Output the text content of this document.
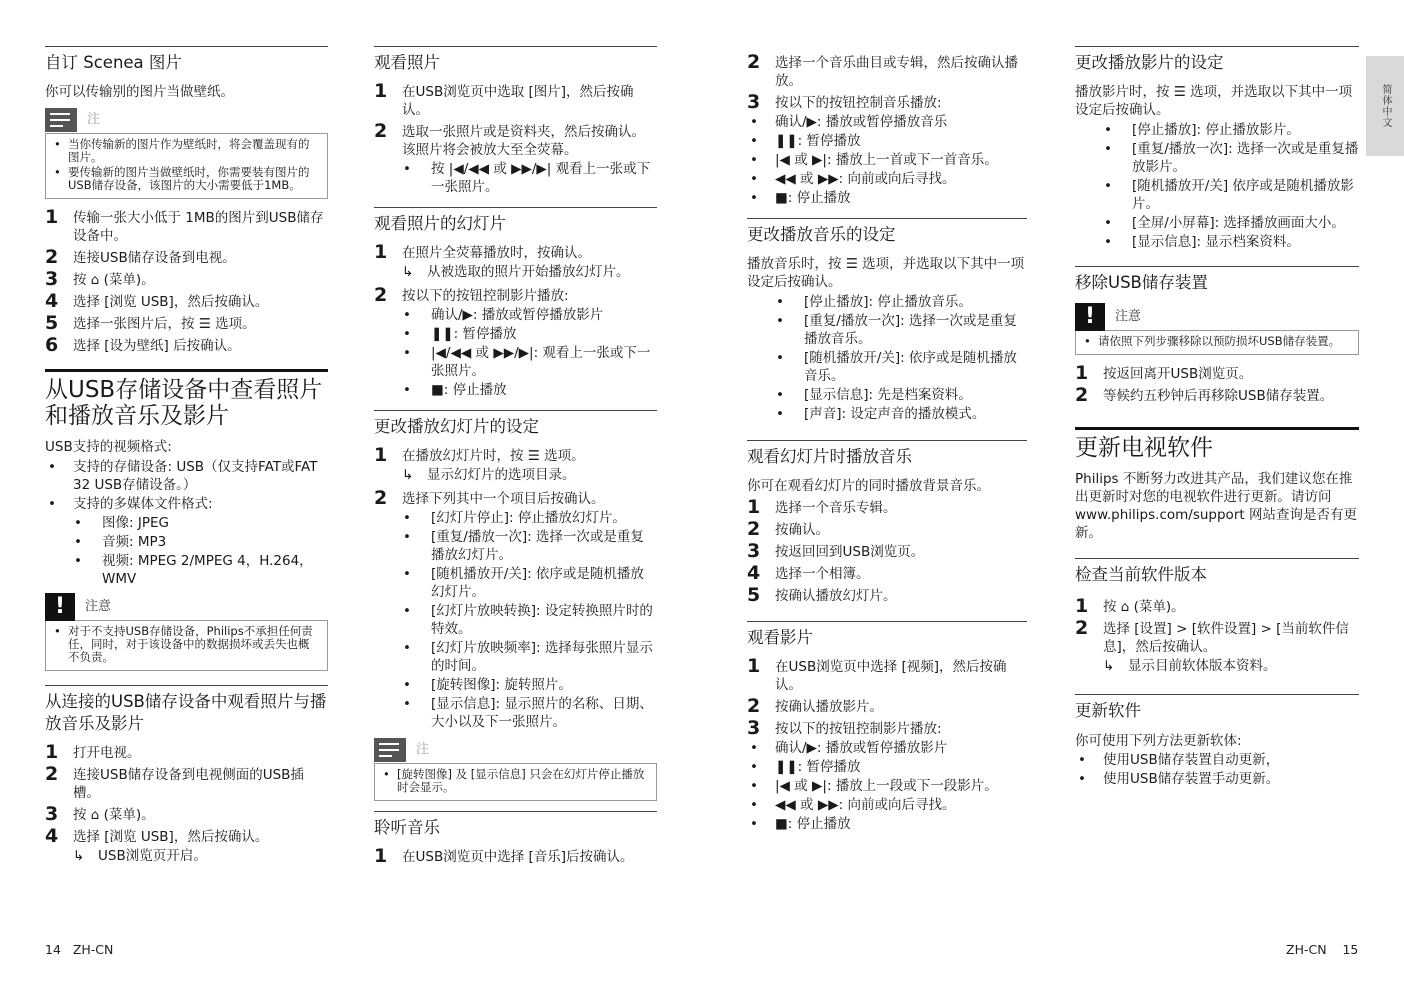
自订 Scenea 图片
你可以传输别的图片当做壁纸。
注
• 当你传输新的图片作为壁纸时，将会覆盖现有的图片。
• 要传输新的图片当做壁纸时，你需要装有图片的USB储存设备，该图片的大小需要低于1MB。
1 传输一张大小低于 1MB的图片到USB储存设备中。
2 连接USB储存设备到电视。
3 按 ⌂ (菜单)。
4 选择 [浏览 USB]，然后按确认。
5 选择一张图片后，按 ☰ 选项。
6 选择 [设为壁纸] 后按确认。
从USB存储设备中查看照片和播放音乐及影片
USB支持的视频格式:
• 支持的存储设备: USB（仅支持FAT或FAT 32 USB存储设备。）
• 支持的多媒体文件格式:
• 图像: JPEG
• 音频: MP3
• 视频: MPEG 2/MPEG 4，H.264，WMV
!	注意
• 对于不支持USB存储设备，Philips不承担任何责任，同时，对于该设备中的数据损坏或丢失也概不负责。
从连接的USB储存设备中观看照片与播放音乐及影片
1 打开电视。
2 连接USB储存设备到电视侧面的USB插槽。
3 按 ⌂ (菜单)。
4 选择 [浏览 USB]，然后按确认。
↳ USB浏览页开启。
观看照片
1 在USB浏览页中选取 [图片]，然后按确认。
2 选取一张照片或是资料夹，然后按确认。该照片将会被放大至全荧幕。
• 按 |◀/◀◀ 或 ▶▶/▶| 观看上一张或下一张照片。
观看照片的幻灯片
1 在照片全荧幕播放时，按确认。
↳ 从被选取的照片开始播放幻灯片。
2 按以下的按钮控制影片播放:
• 确认/▶: 播放或暂停播放影片
• ❚❚: 暂停播放
• |◀/◀◀ 或 ▶▶/▶|: 观看上一张或下一张照片。
• ■: 停止播放
更改播放幻灯片的设定
1 在播放幻灯片时，按 ☰ 选项。
↳ 显示幻灯片的选项目录。
2 选择下列其中一个项目后按确认。
• [幻灯片停止]: 停止播放幻灯片。
• [重复/播放一次]: 选择一次或是重复播放幻灯片。
• [随机播放开/关]: 依序或是随机播放幻灯片。
• [幻灯片放映转换]: 设定转换照片时的特效。
• [幻灯片放映频率]: 选择每张照片显示的时间。
• [旋转图像]: 旋转照片。
• [显示信息]: 显示照片的名称、日期、大小以及下一张照片。
注
• [旋转图像] 及 [显示信息] 只会在幻灯片停止播放时会显示。
聆听音乐
1 在USB浏览页中选择 [音乐]后按确认。
2 选择一个音乐曲目或专辑，然后按确认播放。
3 按以下的按钮控制音乐播放:
• 确认/▶: 播放或暂停播放音乐
• ❚❚: 暂停播放
• |◀ 或 ▶|: 播放上一首或下一首音乐。
• ◀◀ 或 ▶▶: 向前或向后寻找。
• ■: 停止播放
更改播放音乐的设定
播放音乐时，按 ☰ 选项，并选取以下其中一项设定后按确认。
• [停止播放]: 停止播放音乐。
• [重复/播放一次]: 选择一次或是重复播放音乐。
• [随机播放开/关]: 依序或是随机播放音乐。
• [显示信息]: 先是档案资料。
• [声音]: 设定声音的播放模式。
观看幻灯片时播放音乐
你可在观看幻灯片的同时播放背景音乐。
1 选择一个音乐专辑。
2 按确认。
3 按返回回到USB浏览页。
4 选择一个相簿。
5 按确认播放幻灯片。
观看影片
1 在USB浏览页中选择 [视频]，然后按确认。
2 按确认播放影片。
3 按以下的按钮控制影片播放:
• 确认/▶: 播放或暂停播放影片
• ❚❚: 暂停播放
• |◀ 或 ▶|: 播放上一段或下一段影片。
• ◀◀ 或 ▶▶: 向前或向后寻找。
• ■: 停止播放
更改播放影片的设定
播放影片时，按 ☰ 选项，并选取以下其中一项设定后按确认。
• [停止播放]: 停止播放影片。
• [重复/播放一次]: 选择一次或是重复播放影片。
• [随机播放开/关] 依序或是随机播放影片。
• [全屏/小屏幕]: 选择播放画面大小。
• [显示信息]: 显示档案资料。
移除USB储存装置
!	注意
• 请依照下列步骤移除以预防损坏USB储存装置。
1 按返回离开USB浏览页。
2 等候约五秒钟后再移除USB储存装置。
更新电视软件
Philips 不断努力改进其产品，我们建议您在推出更新时对您的电视软件进行更新。请访问 www.philips.com/support 网站查询是否有更新。
检查当前软件版本
1 按 ⌂ (菜单)。
2 选择 [设置] > [软件设置] > [当前软件信息]，然后按确认。
↳ 显示目前软体版本资料。
更新软件
你可使用下列方法更新软体:
• 使用USB储存装置自动更新，
• 使用USB储存装置手动更新。
简体中文
14 ZH-CN	ZH-CN 15
